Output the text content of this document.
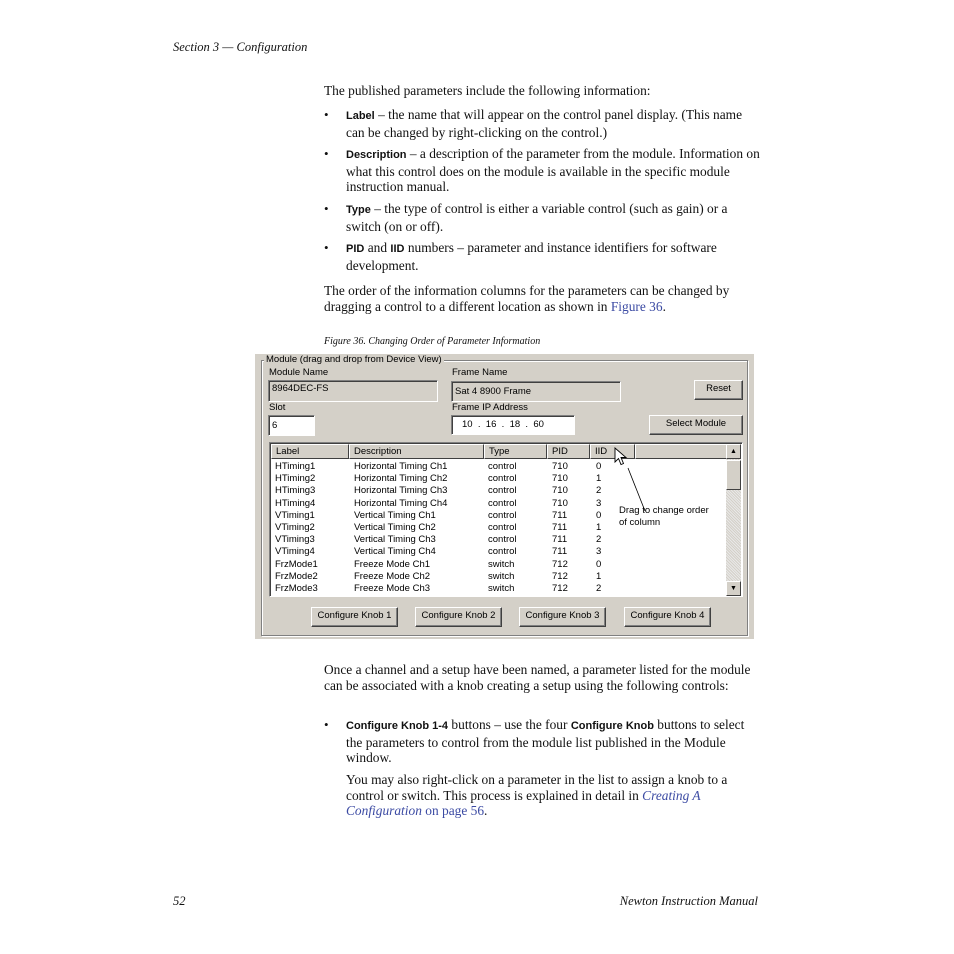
Section 3 — Configuration
The published parameters include the following information:
• Label – the name that will appear on the control panel display. (This name can be changed by right-clicking on the control.)
• Description – a description of the parameter from the module. Information on what this control does on the module is available in the specific module instruction manual.
• Type – the type of control is either a variable control (such as gain) or a switch (on or off).
• PID and IID numbers – parameter and instance identifiers for software development.
The order of the information columns for the parameters can be changed by dragging a control to a different location as shown in Figure 36.
Figure 36. Changing Order of Parameter Information
Module (drag and drop from Device View)
Module Name
8964DEC-FS
Frame Name
Sat 4 8900 Frame	Reset
Slot
6
Frame IP Address
10  .  16  .  18  .  60	Select Module
Label	Description	Type	PID	IID
HTiming1	Horizontal Timing Ch1	control	710	0
HTiming2	Horizontal Timing Ch2	control	710	1
HTiming3	Horizontal Timing Ch3	control	710	2
HTiming4	Horizontal Timing Ch4	control	710	3
VTiming1	Vertical Timing Ch1	control	711	0
VTiming2	Vertical Timing Ch2	control	711	1
VTiming3	Vertical Timing Ch3	control	711	2
VTiming4	Vertical Timing Ch4	control	711	3
FrzMode1	Freeze Mode Ch1	switch	712	0
FrzMode2	Freeze Mode Ch2	switch	712	1
FrzMode3	Freeze Mode Ch3	switch	712	2
Drag to change order
of column
▲
▼
Configure Knob 1	Configure Knob 2	Configure Knob 3	Configure Knob 4
Once a channel and a setup have been named, a parameter listed for the module can be associated with a knob creating a setup using the following controls:
• Configure Knob 1-4 buttons – use the four Configure Knob buttons to select the parameters to control from the module list published in the Module window.
You may also right-click on a parameter in the list to assign a knob to a control or switch. This process is explained in detail in Creating A Configuration on page 56.
52	Newton Instruction Manual
